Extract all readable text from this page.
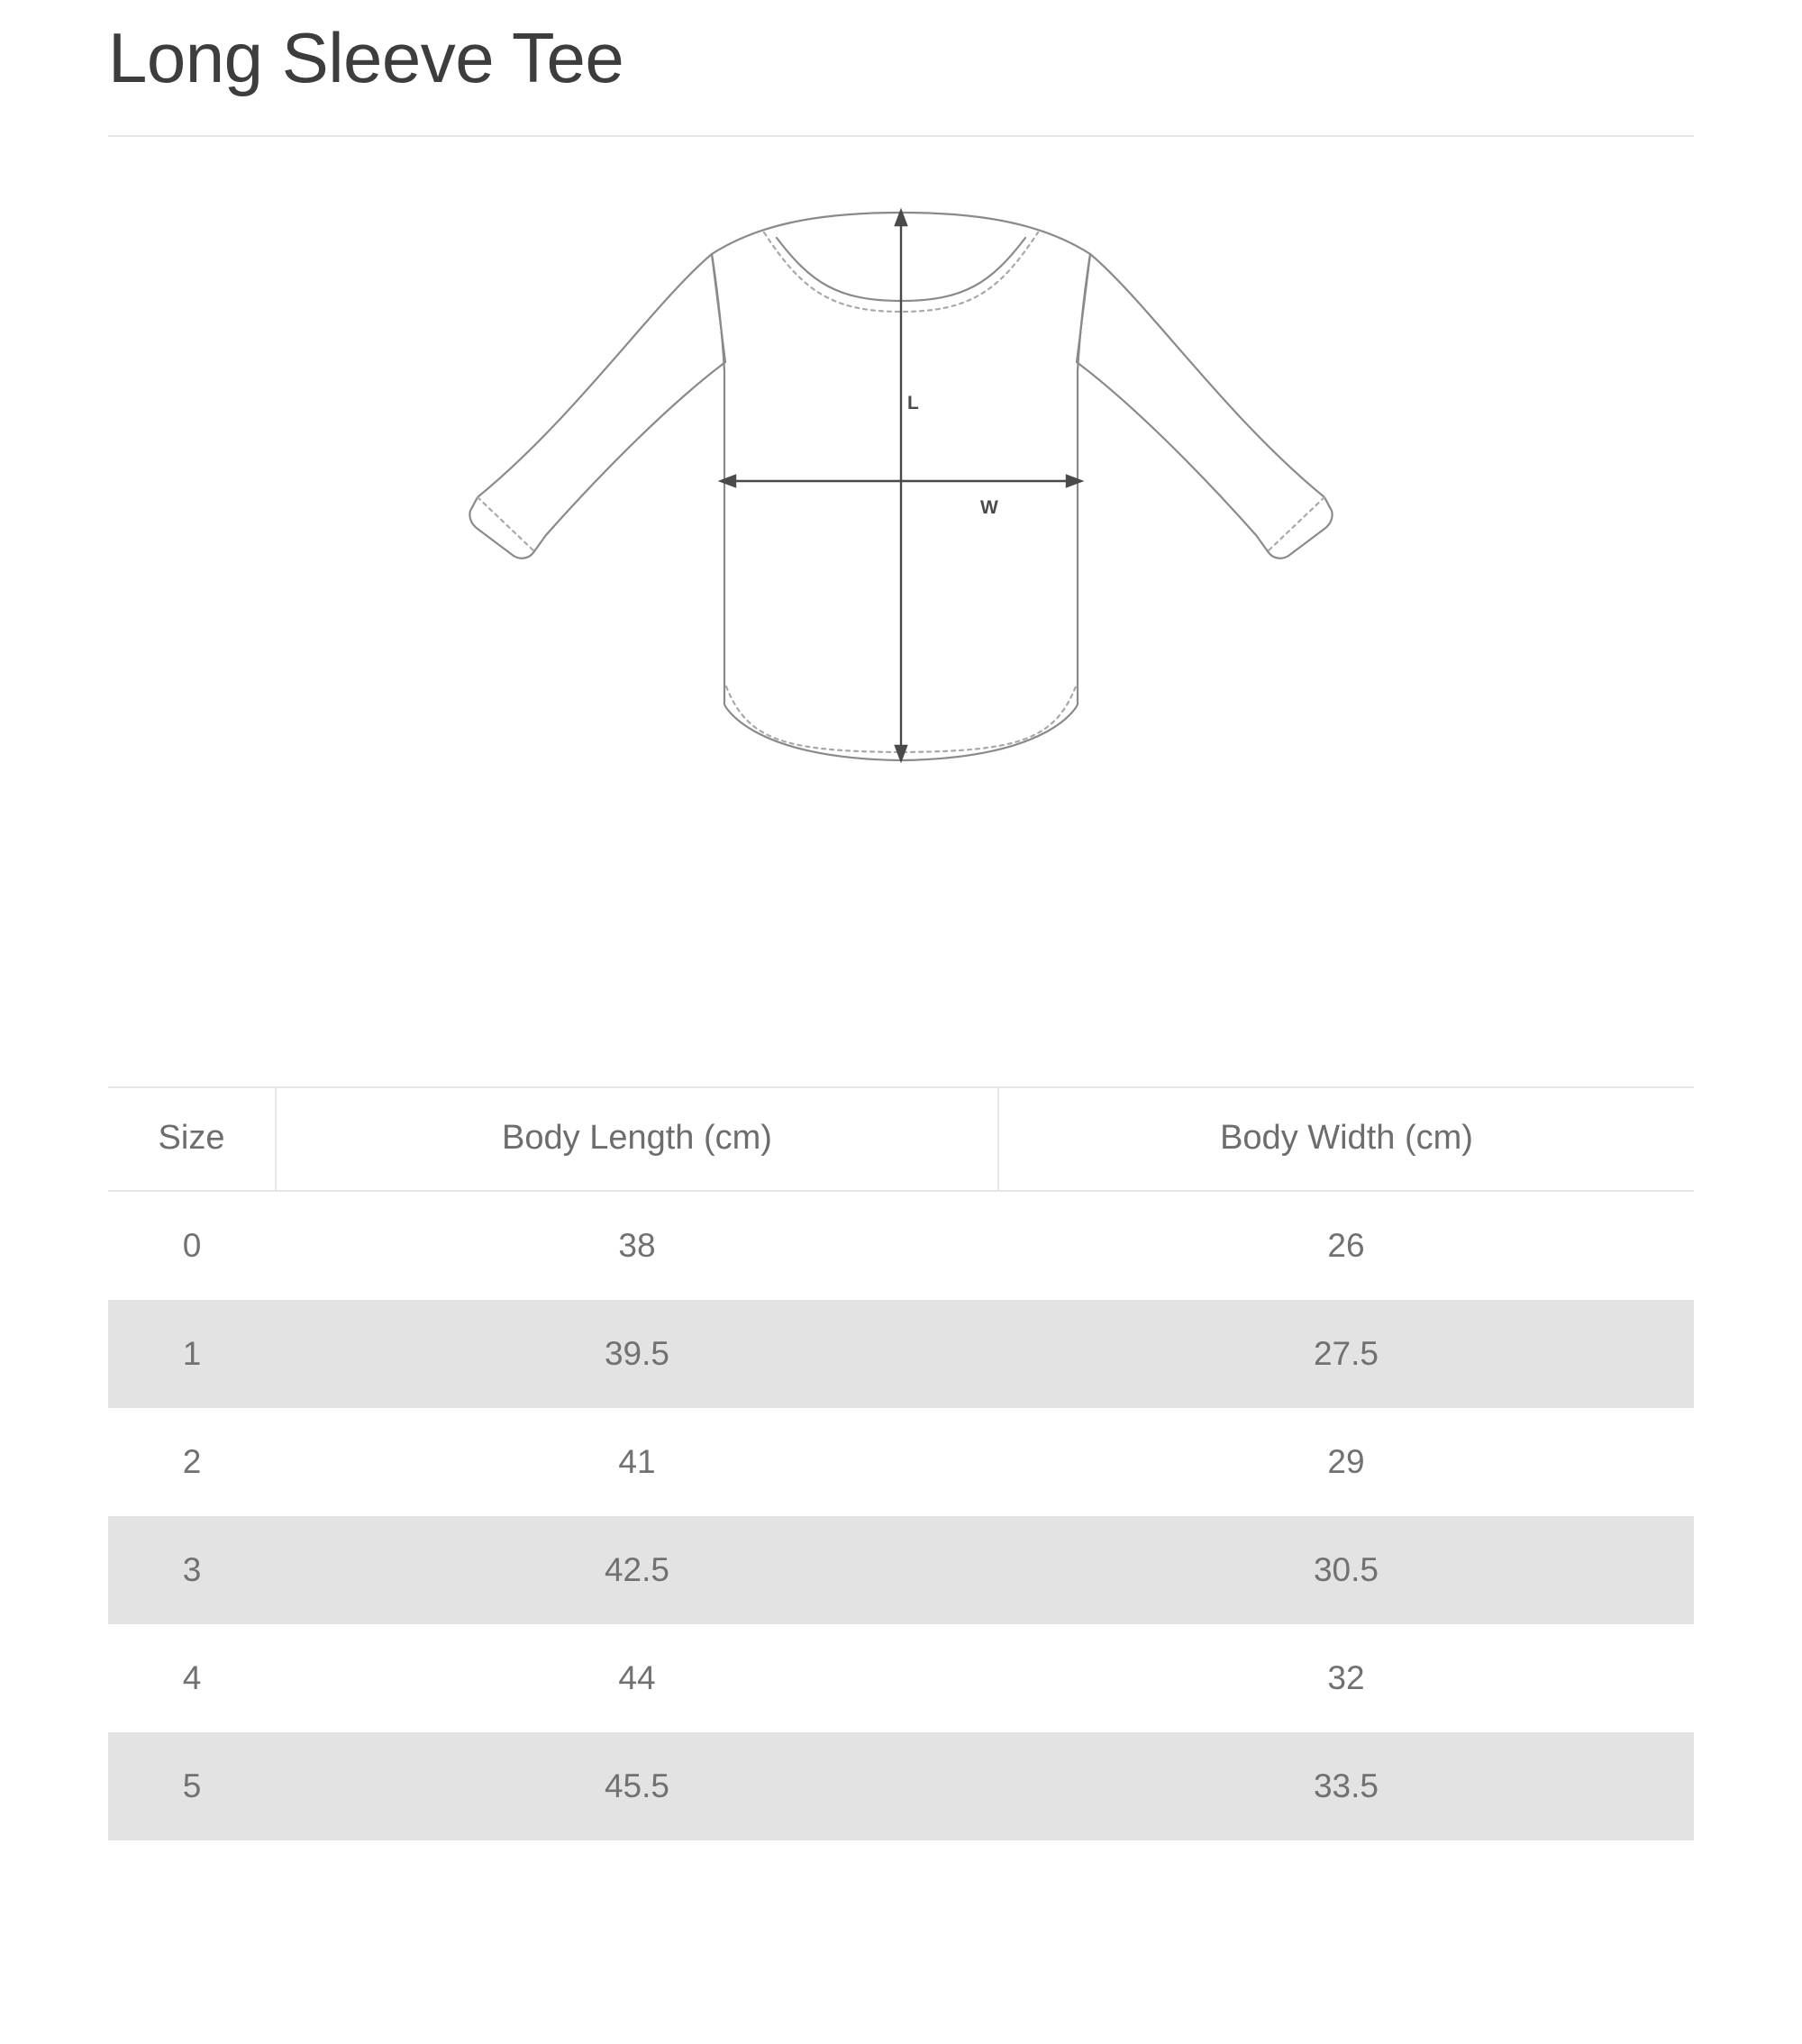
Long Sleeve Tee
L
W
Size	Body Length (cm)	Body Width (cm)
0	38	26
1	39.5	27.5
2	41	29
3	42.5	30.5
4	44	32
5	45.5	33.5
